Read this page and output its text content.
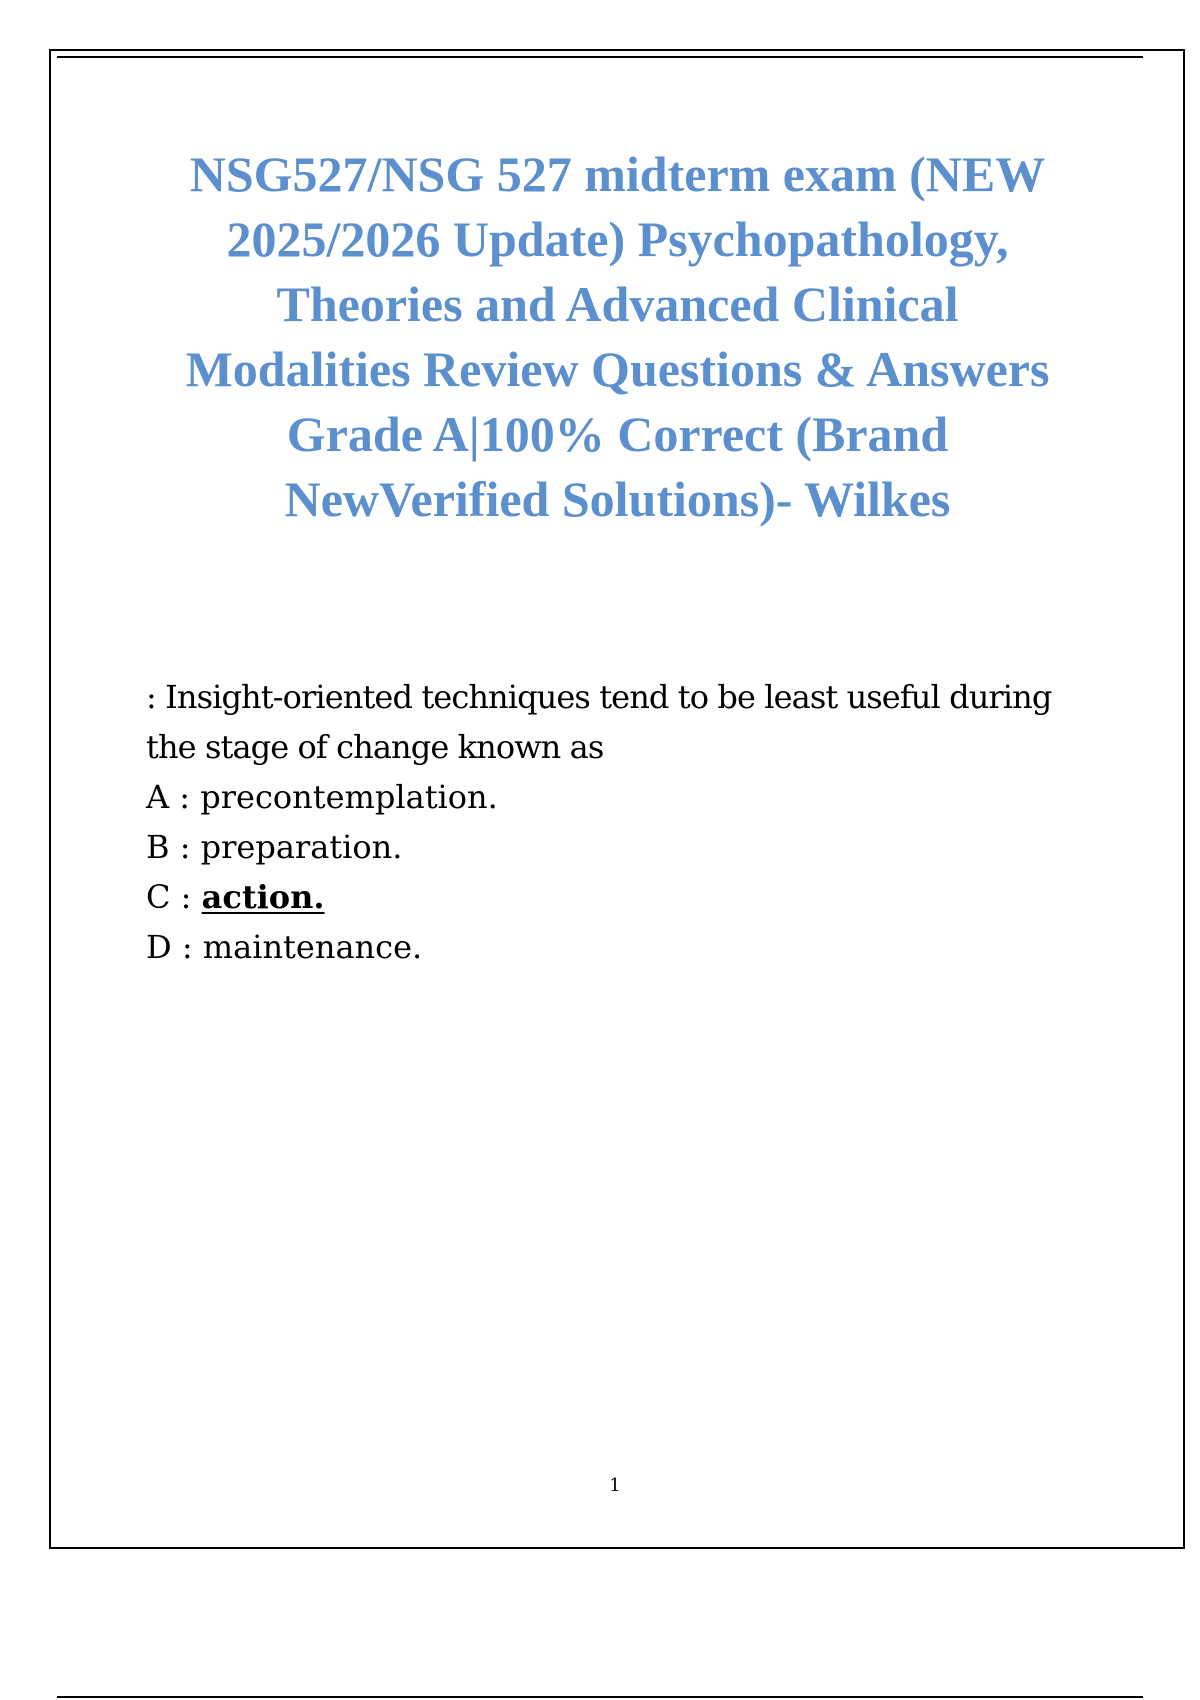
NSG527/NSG 527 midterm exam (NEW
2025/2026 Update) Psychopathology,
Theories and Advanced Clinical
Modalities Review Questions & Answers
Grade A|100% Correct (Brand
NewVerified Solutions)- Wilkes

: Insight-oriented techniques tend to be least useful during the stage of change known as

A : precontemplation.
B : preparation.
C : action.
D : maintenance.
1
